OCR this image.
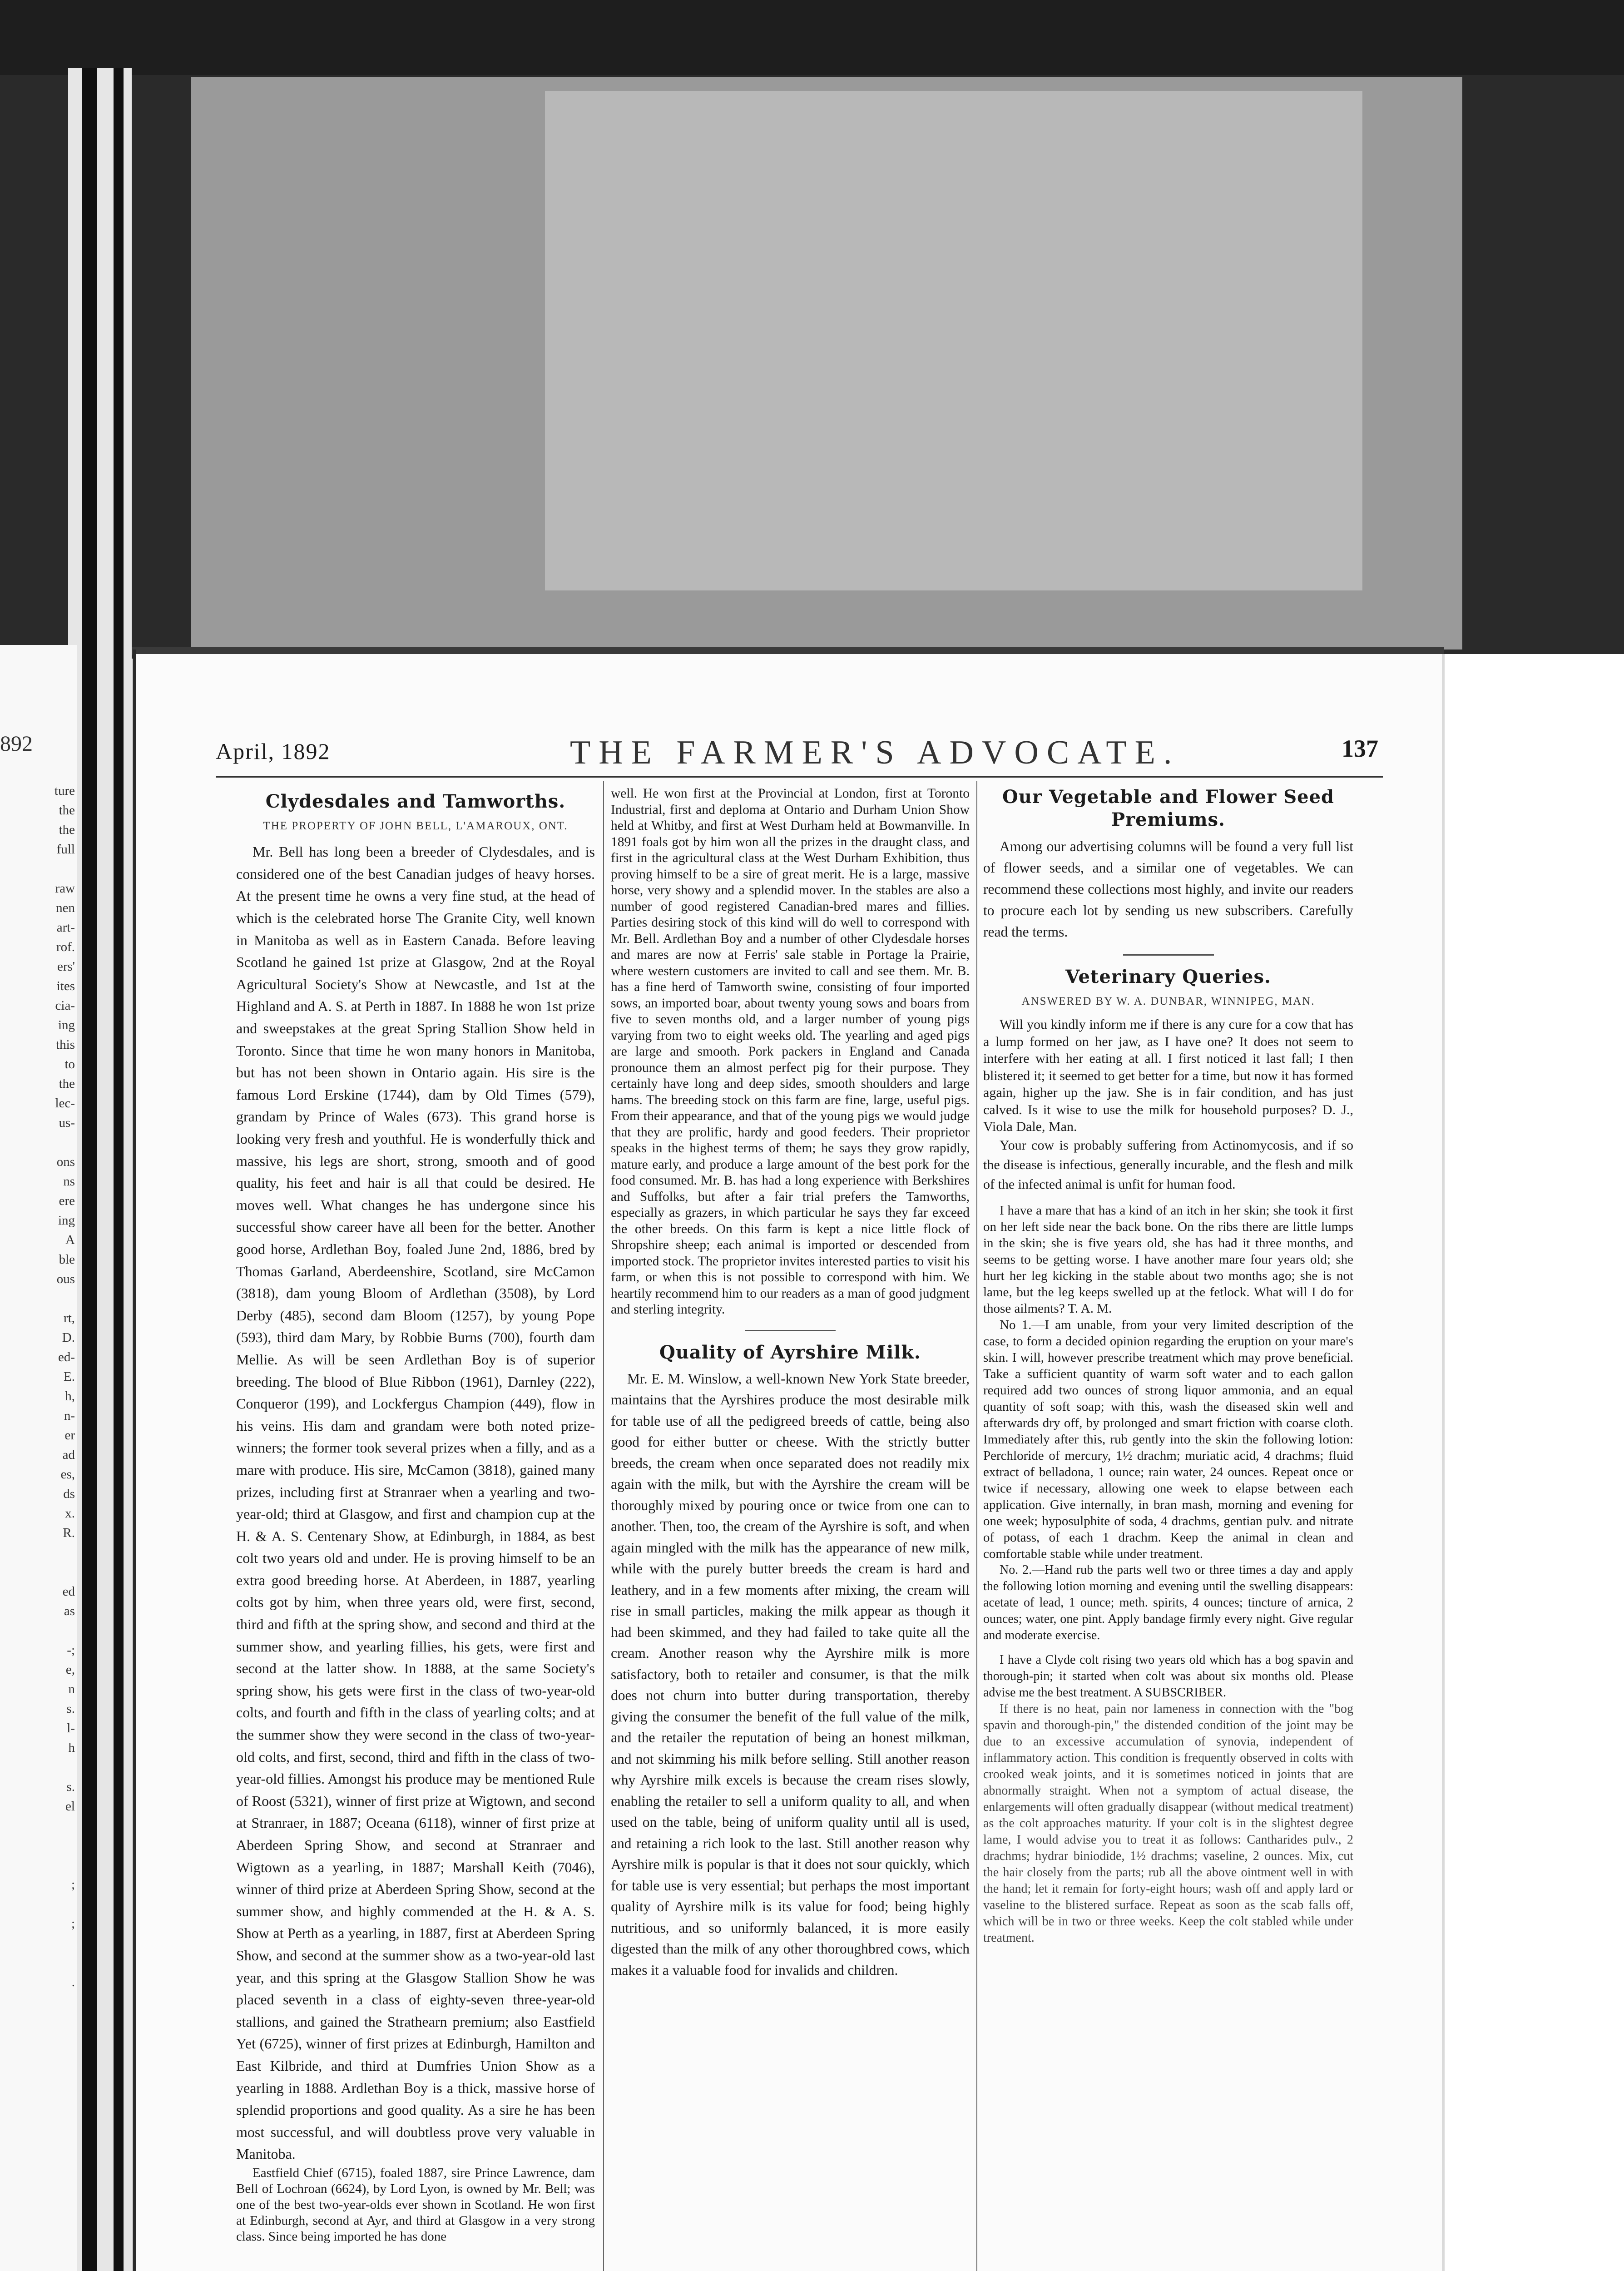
892
ture
the
the
full
raw
nen
art-
rof.
ers'
ites
cia-
ing
this
to
the
lec-
us-
ons
ns
ere
ing
A
ble
ous
rt,
D.
ed-
E.
h,
n-
er
ad
es,
ds
x.
R.
ed
as
-;
e,
n
s.
l-
h
s.
el
;
;
.
April, 1892	THE FARMER'S ADVOCATE.	137
Clydesdales and Tamworths.
THE PROPERTY OF JOHN BELL, L'AMAROUX, ONT.

Mr. Bell has long been a breeder of Clydesdales, and is considered one of the best Canadian judges of heavy horses. At the present time he owns a very fine stud, at the head of which is the celebrated horse The Granite City, well known in Manitoba as well as in Eastern Canada. Before leaving Scotland he gained 1st prize at Glasgow, 2nd at the Royal Agricultural Society's Show at Newcastle, and 1st at the Highland and A. S. at Perth in 1887. In 1888 he won 1st prize and sweepstakes at the great Spring Stallion Show held in Toronto. Since that time he won many honors in Manitoba, but has not been shown in Ontario again. His sire is the famous Lord Erskine (1744), dam by Old Times (579), grandam by Prince of Wales (673). This grand horse is looking very fresh and youthful. He is wonderfully thick and massive, his legs are short, strong, smooth and of good quality, his feet and hair is all that could be desired. He moves well. What changes he has undergone since his successful show career have all been for the better. Another good horse, Ardlethan Boy, foaled June 2nd, 1886, bred by Thomas Garland, Aberdeenshire, Scotland, sire McCamon (3818), dam young Bloom of Ardlethan (3508), by Lord Derby (485), second dam Bloom (1257), by young Pope (593), third dam Mary, by Robbie Burns (700), fourth dam Mellie. As will be seen Ardlethan Boy is of superior breeding. The blood of Blue Ribbon (1961), Darnley (222), Conqueror (199), and Lockfergus Champion (449), flow in his veins. His dam and grandam were both noted prize-winners; the former took several prizes when a filly, and as a mare with produce. His sire, McCamon (3818), gained many prizes, including first at Stranraer when a yearling and two-year-old; third at Glasgow, and first and champion cup at the H. & A. S. Centenary Show, at Edinburgh, in 1884, as best colt two years old and under. He is proving himself to be an extra good breeding horse. At Aberdeen, in 1887, yearling colts got by him, when three years old, were first, second, third and fifth at the spring show, and second and third at the summer show, and yearling fillies, his gets, were first and second at the latter show. In 1888, at the same Society's spring show, his gets were first in the class of two-year-old colts, and fourth and fifth in the class of yearling colts; and at the summer show they were second in the class of two-year-old colts, and first, second, third and fifth in the class of two-year-old fillies. Amongst his produce may be mentioned Rule of Roost (5321), winner of first prize at Wigtown, and second at Stranraer, in 1887; Oceana (6118), winner of first prize at Aberdeen Spring Show, and second at Stranraer and Wigtown as a yearling, in 1887; Marshall Keith (7046), winner of third prize at Aberdeen Spring Show, second at the summer show, and highly commended at the H. & A. S. Show at Perth as a yearling, in 1887, first at Aberdeen Spring Show, and second at the summer show as a two-year-old last year, and this spring at the Glasgow Stallion Show he was placed seventh in a class of eighty-seven three-year-old stallions, and gained the Strathearn premium; also Eastfield Yet (6725), winner of first prizes at Edinburgh, Hamilton and East Kilbride, and third at Dumfries Union Show as a yearling in 1888. Ardlethan Boy is a thick, massive horse of splendid proportions and good quality. As a sire he has been most successful, and will doubtless prove very valuable in Manitoba.

Eastfield Chief (6715), foaled 1887, sire Prince Lawrence, dam Bell of Lochroan (6624), by Lord Lyon, is owned by Mr. Bell; was one of the best two-year-olds ever shown in Scotland. He won first at Edinburgh, second at Ayr, and third at Glasgow in a very strong class. Since being imported he has done

well. He won first at the Provincial at London, first at Toronto Industrial, first and deploma at Ontario and Durham Union Show held at Whitby, and first at West Durham held at Bowmanville. In 1891 foals got by him won all the prizes in the draught class, and first in the agricultural class at the West Durham Exhibition, thus proving himself to be a sire of great merit. He is a large, massive horse, very showy and a splendid mover. In the stables are also a number of good registered Canadian-bred mares and fillies. Parties desiring stock of this kind will do well to correspond with Mr. Bell. Ardlethan Boy and a number of other Clydesdale horses and mares are now at Ferris' sale stable in Portage la Prairie, where western customers are invited to call and see them. Mr. B. has a fine herd of Tamworth swine, consisting of four imported sows, an imported boar, about twenty young sows and boars from five to seven months old, and a larger number of young pigs varying from two to eight weeks old. The yearling and aged pigs are large and smooth. Pork packers in England and Canada pronounce them an almost perfect pig for their purpose. They certainly have long and deep sides, smooth shoulders and large hams. The breeding stock on this farm are fine, large, useful pigs. From their appearance, and that of the young pigs we would judge that they are prolific, hardy and good feeders. Their proprietor speaks in the highest terms of them; he says they grow rapidly, mature early, and produce a large amount of the best pork for the food consumed. Mr. B. has had a long experience with Berkshires and Suffolks, but after a fair trial prefers the Tamworths, especially as grazers, in which particular he says they far exceed the other breeds. On this farm is kept a nice little flock of Shropshire sheep; each animal is imported or descended from imported stock. The proprietor invites interested parties to visit his farm, or when this is not possible to correspond with him. We heartily recommend him to our readers as a man of good judgment and sterling integrity.

Quality of Ayrshire Milk.

Mr. E. M. Winslow, a well-known New York State breeder, maintains that the Ayrshires produce the most desirable milk for table use of all the pedigreed breeds of cattle, being also good for either butter or cheese. With the strictly butter breeds, the cream when once separated does not readily mix again with the milk, but with the Ayrshire the cream will be thoroughly mixed by pouring once or twice from one can to another. Then, too, the cream of the Ayrshire is soft, and when again mingled with the milk has the appearance of new milk, while with the purely butter breeds the cream is hard and leathery, and in a few moments after mixing, the cream will rise in small particles, making the milk appear as though it had been skimmed, and they had failed to take quite all the cream. Another reason why the Ayrshire milk is more satisfactory, both to retailer and consumer, is that the milk does not churn into butter during transportation, thereby giving the consumer the benefit of the full value of the milk, and the retailer the reputation of being an honest milkman, and not skimming his milk before selling. Still another reason why Ayrshire milk excels is because the cream rises slowly, enabling the retailer to sell a uniform quality to all, and when used on the table, being of uniform quality until all is used, and retaining a rich look to the last. Still another reason why Ayrshire milk is popular is that it does not sour quickly, which for table use is very essential; but perhaps the most important quality of Ayrshire milk is its value for food; being highly nutritious, and so uniformly balanced, it is more easily digested than the milk of any other thoroughbred cows, which makes it a valuable food for invalids and children.

Our Vegetable and Flower Seed Premiums.

Among our advertising columns will be found a very full list of flower seeds, and a similar one of vegetables. We can recommend these collections most highly, and invite our readers to procure each lot by sending us new subscribers. Carefully read the terms.

Veterinary Queries.
ANSWERED BY W. A. DUNBAR, WINNIPEG, MAN.

Will you kindly inform me if there is any cure for a cow that has a lump formed on her jaw, as I have one? It does not seem to interfere with her eating at all. I first noticed it last fall; I then blistered it; it seemed to get better for a time, but now it has formed again, higher up the jaw. She is in fair condition, and has just calved. Is it wise to use the milk for household purposes? D. J., Viola Dale, Man.

Your cow is probably suffering from Actinomycosis, and if so the disease is infectious, generally incurable, and the flesh and milk of the infected animal is unfit for human food.

I have a mare that has a kind of an itch in her skin; she took it first on her left side near the back bone. On the ribs there are little lumps in the skin; she is five years old, she has had it three months, and seems to be getting worse. I have another mare four years old; she hurt her leg kicking in the stable about two months ago; she is not lame, but the leg keeps swelled up at the fetlock. What will I do for those ailments? T. A. M.

No 1.—I am unable, from your very limited description of the case, to form a decided opinion regarding the eruption on your mare's skin. I will, however prescribe treatment which may prove beneficial. Take a sufficient quantity of warm soft water and to each gallon required add two ounces of strong liquor ammonia, and an equal quantity of soft soap; with this, wash the diseased skin well and afterwards dry off, by prolonged and smart friction with coarse cloth. Immediately after this, rub gently into the skin the following lotion: Perchloride of mercury, 1½ drachm; muriatic acid, 4 drachms; fluid extract of belladona, 1 ounce; rain water, 24 ounces. Repeat once or twice if necessary, allowing one week to elapse between each application. Give internally, in bran mash, morning and evening for one week; hyposulphite of soda, 4 drachms, gentian pulv. and nitrate of potass, of each 1 drachm. Keep the animal in clean and comfortable stable while under treatment.

No. 2.—Hand rub the parts well two or three times a day and apply the following lotion morning and evening until the swelling disappears: acetate of lead, 1 ounce; meth. spirits, 4 ounces; tincture of arnica, 2 ounces; water, one pint. Apply bandage firmly every night. Give regular and moderate exercise.

I have a Clyde colt rising two years old which has a bog spavin and thorough-pin; it started when colt was about six months old. Please advise me the best treatment. A SUBSCRIBER.

If there is no heat, pain nor lameness in connection with the "bog spavin and thorough-pin," the distended condition of the joint may be due to an excessive accumulation of synovia, independent of inflammatory action. This condition is frequently observed in colts with crooked weak joints, and it is sometimes noticed in joints that are abnormally straight. When not a symptom of actual disease, the enlargements will often gradually disappear (without medical treatment) as the colt approaches maturity. If your colt is in the slightest degree lame, I would advise you to treat it as follows: Cantharides pulv., 2 drachms; hydrar biniodide, 1½ drachms; vaseline, 2 ounces. Mix, cut the hair closely from the parts; rub all the above ointment well in with the hand; let it remain for forty-eight hours; wash off and apply lard or vaseline to the blistered surface. Repeat as soon as the scab falls off, which will be in two or three weeks. Keep the colt stabled while under treatment.
